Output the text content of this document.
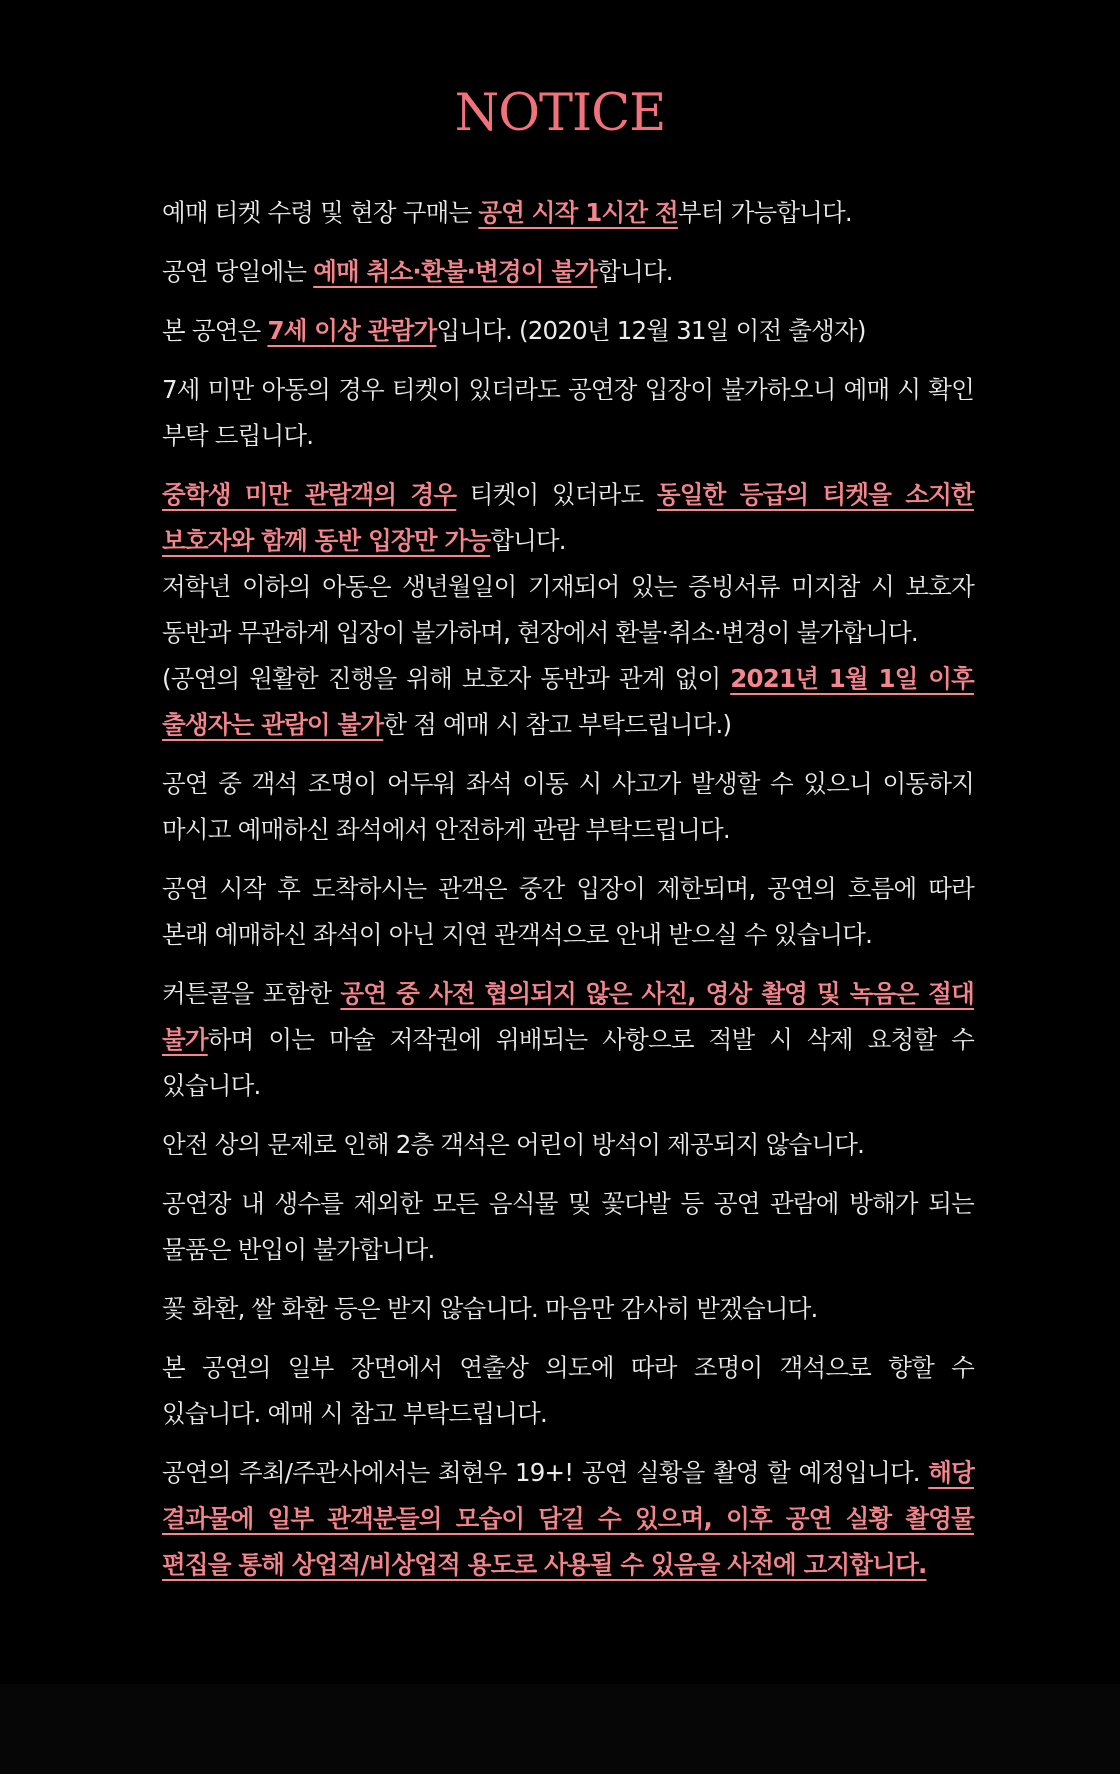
NOTICE

예매 티켓 수령 및 현장 구매는 공연 시작 1시간 전부터 가능합니다.

공연 당일에는 예매 취소·환불·변경이 불가합니다.

본 공연은 7세 이상 관람가입니다. (2020년 12월 31일 이전 출생자)

7세 미만 아동의 경우 티켓이 있더라도 공연장 입장이 불가하오니 예매 시 확인 부탁 드립니다.

중학생 미만 관람객의 경우 티켓이 있더라도 동일한 등급의 티켓을 소지한 보호자와 함께 동반 입장만 가능합니다.

저학년 이하의 아동은 생년월일이 기재되어 있는 증빙서류 미지참 시 보호자 동반과 무관하게 입장이 불가하며, 현장에서 환불·취소·변경이 불가합니다.

(공연의 원활한 진행을 위해 보호자 동반과 관계 없이 2021년 1월 1일 이후 출생자는 관람이 불가한 점 예매 시 참고 부탁드립니다.)

공연 중 객석 조명이 어두워 좌석 이동 시 사고가 발생할 수 있으니 이동하지 마시고 예매하신 좌석에서 안전하게 관람 부탁드립니다.

공연 시작 후 도착하시는 관객은 중간 입장이 제한되며, 공연의 흐름에 따라 본래 예매하신 좌석이 아닌 지연 관객석으로 안내 받으실 수 있습니다.

커튼콜을 포함한 공연 중 사전 협의되지 않은 사진, 영상 촬영 및 녹음은 절대 불가하며 이는 마술 저작권에 위배되는 사항으로 적발 시 삭제 요청할 수 있습니다.

안전 상의 문제로 인해 2층 객석은 어린이 방석이 제공되지 않습니다.

공연장 내 생수를 제외한 모든 음식물 및 꽃다발 등 공연 관람에 방해가 되는 물품은 반입이 불가합니다.

꽃 화환, 쌀 화환 등은 받지 않습니다. 마음만 감사히 받겠습니다.

본 공연의 일부 장면에서 연출상 의도에 따라 조명이 객석으로 향할 수 있습니다. 예매 시 참고 부탁드립니다.

공연의 주최/주관사에서는 최현우 19+! 공연 실황을 촬영 할 예정입니다. 해당 결과물에 일부 관객분들의 모습이 담길 수 있으며, 이후 공연 실황 촬영물 편집을 통해 상업적/비상업적 용도로 사용될 수 있음을 사전에 고지합니다.
